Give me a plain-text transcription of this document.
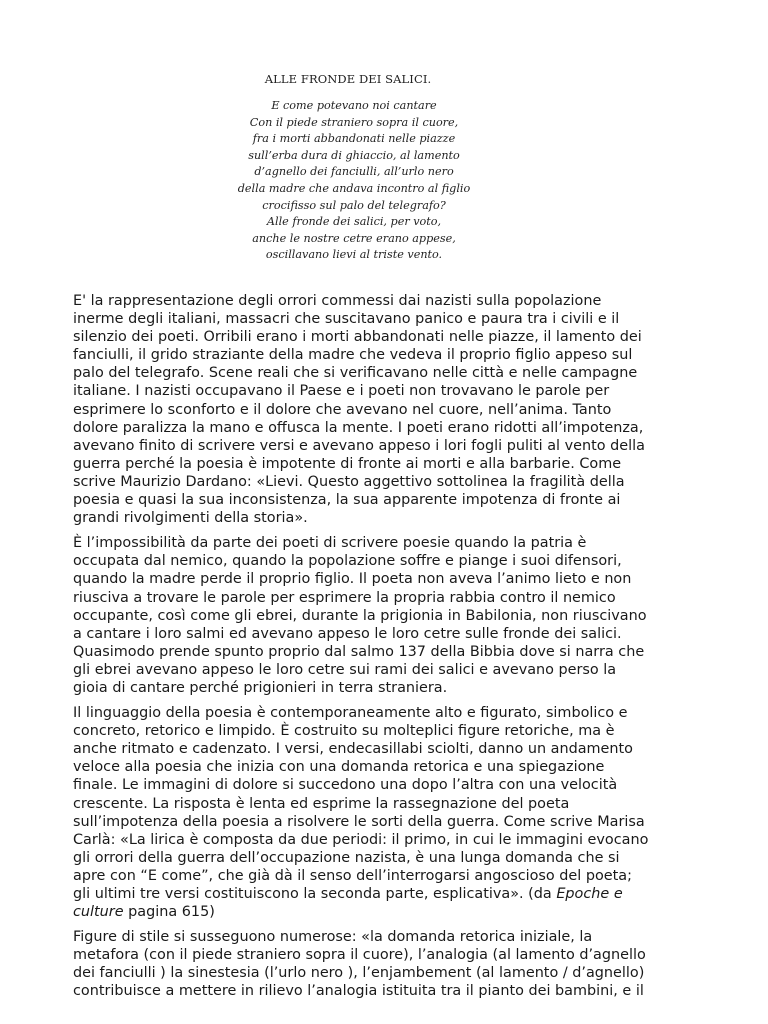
ALLE FRONDE DEI SALICI.
E come potevano noi cantare
Con il piede straniero sopra il cuore,
fra i morti abbandonati nelle piazze
sull’erba dura di ghiaccio, al lamento
d’agnello dei fanciulli, all’urlo nero
della madre che andava incontro al figlio
crocifisso sul palo del telegrafo?
Alle fronde dei salici, per voto,
anche le nostre cetre erano appese,
oscillavano lievi al triste vento.
E' la rappresentazione degli orrori commessi dai nazisti sulla popolazione
inerme degli italiani, massacri che suscitavano panico e paura tra i civili e il
silenzio dei poeti. Orribili erano i morti abbandonati nelle piazze, il lamento dei
fanciulli, il grido straziante della madre che vedeva il proprio figlio appeso sul
palo del telegrafo. Scene reali che si verificavano nelle città e nelle campagne
italiane. I nazisti occupavano il Paese e i poeti non trovavano le parole per
esprimere lo sconforto e il dolore che avevano nel cuore, nell’anima. Tanto
dolore paralizza la mano e offusca la mente. I poeti erano ridotti all’impotenza,
avevano finito di scrivere versi e avevano appeso i lori fogli puliti al vento della
guerra perché la poesia è impotente di fronte ai morti e alla barbarie. Come
scrive Maurizio Dardano: «Lievi. Questo aggettivo sottolinea la fragilità della
poesia e quasi la sua inconsistenza, la sua apparente impotenza di fronte ai
grandi rivolgimenti della storia».
È l’impossibilità da parte dei poeti di scrivere poesie quando la patria è
occupata dal nemico, quando la popolazione soffre e piange i suoi difensori,
quando la madre perde il proprio figlio. Il poeta non aveva l’animo lieto e non
riusciva a trovare le parole per esprimere la propria rabbia contro il nemico
occupante, così come gli ebrei, durante la prigionia in Babilonia, non riuscivano
a cantare i loro salmi ed avevano appeso le loro cetre sulle fronde dei salici.
Quasimodo prende spunto proprio dal salmo 137 della Bibbia dove si narra che
gli ebrei avevano appeso le loro cetre sui rami dei salici e avevano perso la
gioia di cantare perché prigionieri in terra straniera.
Il linguaggio della poesia è contemporaneamente alto e figurato, simbolico e
concreto, retorico e limpido. È costruito su molteplici figure retoriche, ma è
anche ritmato e cadenzato. I versi, endecasillabi sciolti, danno un andamento
veloce alla poesia che inizia con una domanda retorica e una spiegazione
finale. Le immagini di dolore si succedono una dopo l’altra con una velocità
crescente. La risposta è lenta ed esprime la rassegnazione del poeta
sull’impotenza della poesia a risolvere le sorti della guerra. Come scrive Marisa
Carlà: «La lirica è composta da due periodi: il primo, in cui le immagini evocano
gli orrori della guerra dell’occupazione nazista, è una lunga domanda che si
apre con “E come”, che già dà il senso dell’interrogarsi angoscioso del poeta;
gli ultimi tre versi costituiscono la seconda parte, esplicativa». (da Epoche e
culture pagina 615)
Figure di stile si susseguono numerose: «la domanda retorica iniziale, la
metafora (con il piede straniero sopra il cuore), l’analogia (al lamento d’agnello
dei fanciulli ) la sinestesia (l’urlo nero ), l’enjambement (al lamento / d’agnello)
contribuisce a mettere in rilievo l’analogia istituita tra il pianto dei bambini, e il
